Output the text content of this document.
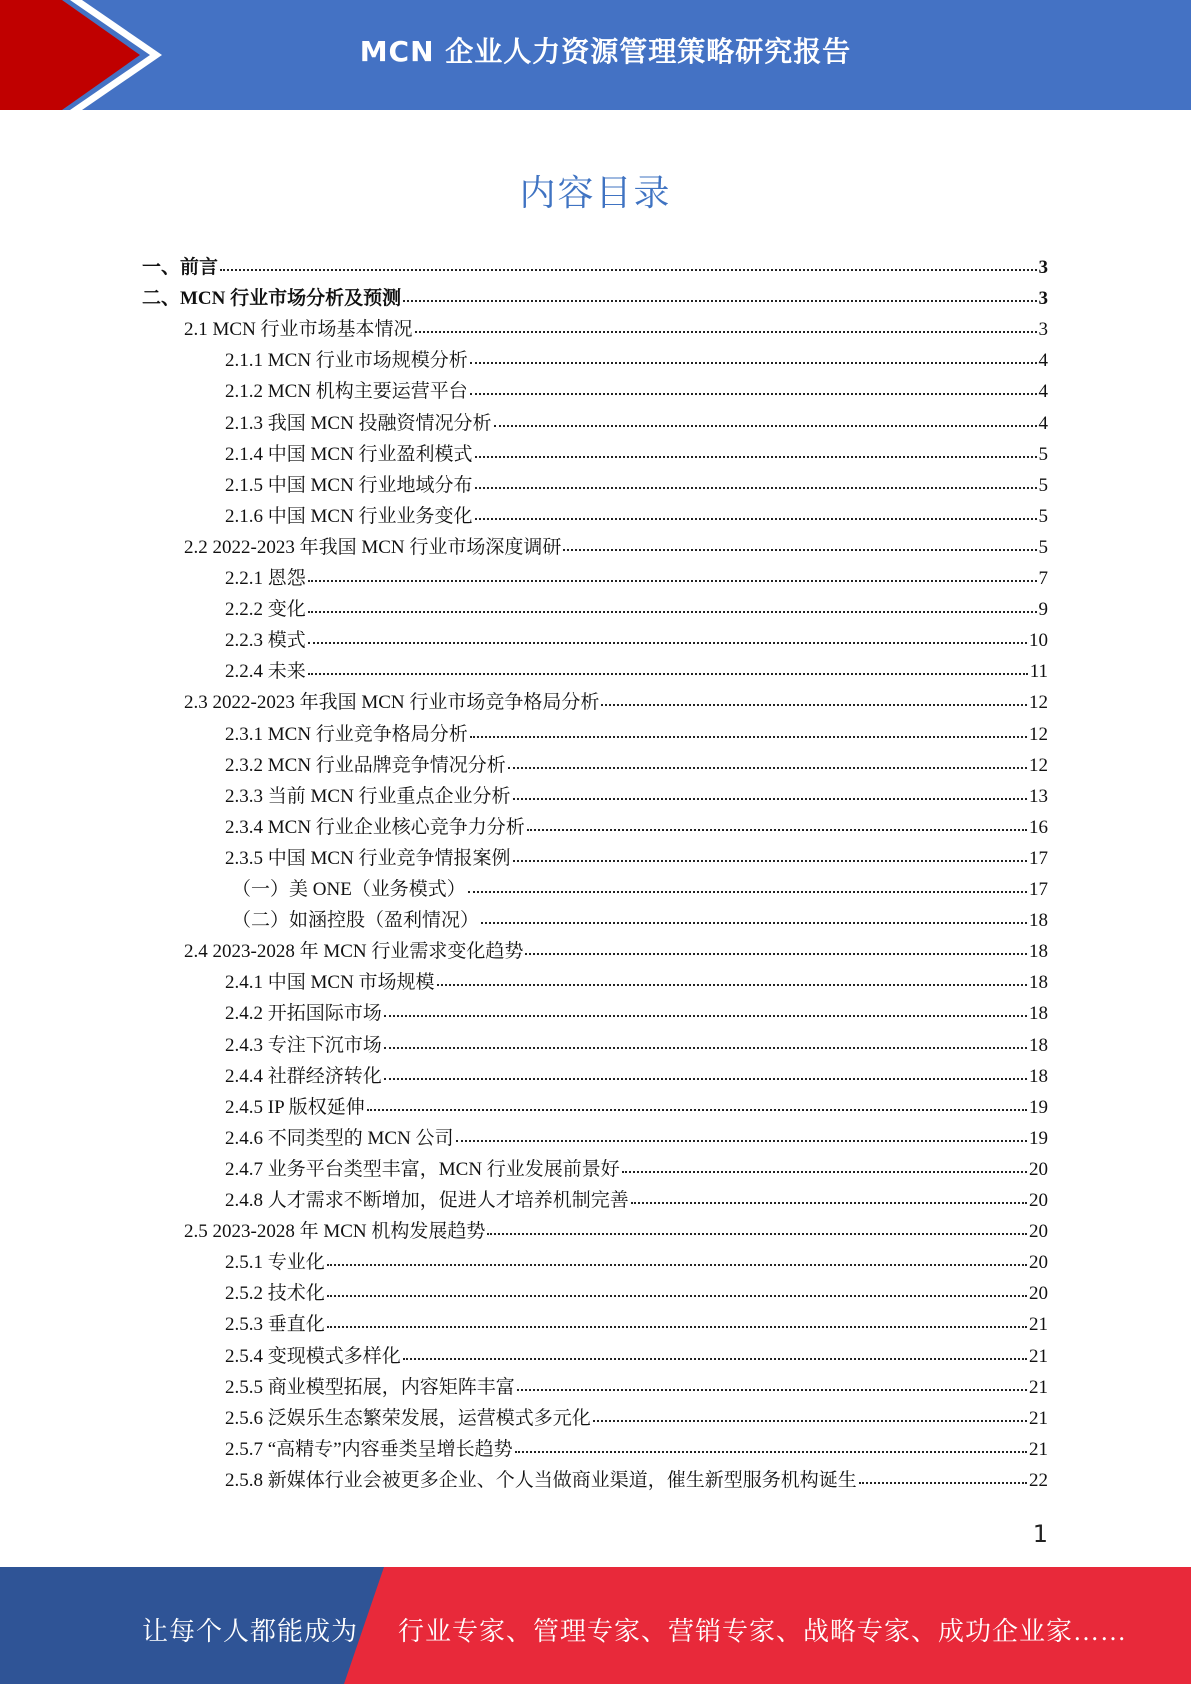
MCN 企业人力资源管理策略研究报告
内容目录
一、前言	3
二、MCN 行业市场分析及预测	3
2.1 MCN 行业市场基本情况	3
2.1.1 MCN 行业市场规模分析	4
2.1.2 MCN 机构主要运营平台	4
2.1.3 我国 MCN 投融资情况分析	4
2.1.4 中国 MCN 行业盈利模式	5
2.1.5 中国 MCN 行业地域分布	5
2.1.6 中国 MCN 行业业务变化	5
2.2 2022-2023 年我国 MCN 行业市场深度调研	5
2.2.1 恩怨	7
2.2.2 变化	9
2.2.3 模式	10
2.2.4 未来	11
2.3 2022-2023 年我国 MCN 行业市场竞争格局分析	12
2.3.1 MCN 行业竞争格局分析	12
2.3.2 MCN 行业品牌竞争情况分析	12
2.3.3 当前 MCN 行业重点企业分析	13
2.3.4 MCN 行业企业核心竞争力分析	16
2.3.5 中国 MCN 行业竞争情报案例	17
（一）美 ONE（业务模式）	17
（二）如涵控股（盈利情况）	18
2.4 2023-2028 年 MCN 行业需求变化趋势	18
2.4.1 中国 MCN 市场规模	18
2.4.2 开拓国际市场	18
2.4.3 专注下沉市场	18
2.4.4 社群经济转化	18
2.4.5 IP 版权延伸	19
2.4.6 不同类型的 MCN 公司	19
2.4.7 业务平台类型丰富，MCN 行业发展前景好	20
2.4.8 人才需求不断增加，促进人才培养机制完善	20
2.5 2023-2028 年 MCN 机构发展趋势	20
2.5.1 专业化	20
2.5.2 技术化	20
2.5.3 垂直化	21
2.5.4 变现模式多样化	21
2.5.5 商业模型拓展，内容矩阵丰富	21
2.5.6 泛娱乐生态繁荣发展，运营模式多元化	21
2.5.7 “高精专”内容垂类呈增长趋势	21
2.5.8 新媒体行业会被更多企业、个人当做商业渠道，催生新型服务机构诞生	22
1
让每个人都能成为 行业专家、管理专家、营销专家、战略专家、成功企业家……
